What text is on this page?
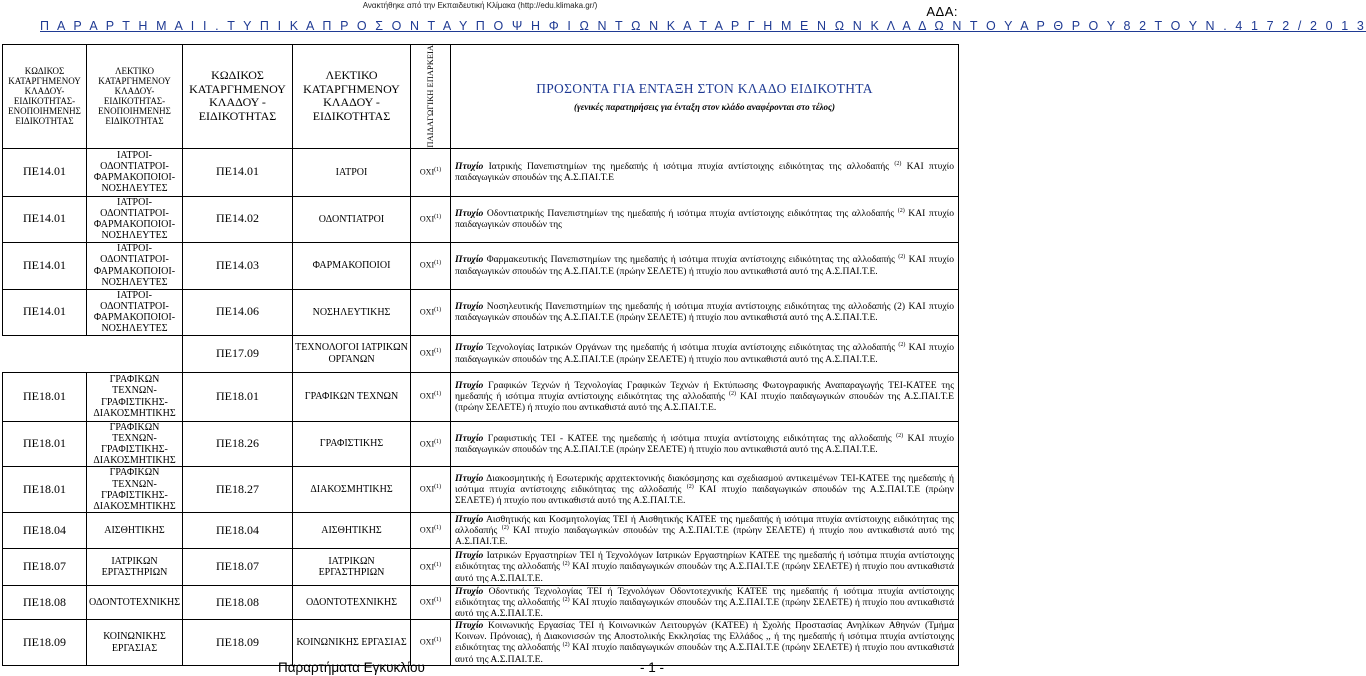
Ανακτήθηκε από την Εκπαιδευτική Κλίμακα (http://edu.klimaka.gr/)	ΑΔΑ:
Π Α Ρ Α Ρ Τ Η Μ Α I I . Τ Υ Π Ι Κ Α Π Ρ Ο Σ Ο Ν Τ Α Υ Π Ο Ψ Η Φ Ι Ω Ν Τ Ω Ν Κ Α Τ Α Ρ Γ Η Μ Ε Ν Ω Ν Κ Λ Α Δ Ω Ν Τ Ο Υ Α Ρ Θ Ρ Ο Υ 8 2 Τ Ο Υ Ν . 4 1 7 2 / 2 0 1 3
ΚΩΔΙΚΟΣ ΚΑΤΑΡΓΗΜΕΝΟΥ ΚΛΑΔΟΥ- ΕΙΔΙΚΟΤΗΤΑΣ- ΕΝΟΠΟΙΗΜΕΝΗΣ ΕΙΔΙΚΟΤΗΤΑΣ	ΛΕΚΤΙΚΟ ΚΑΤΑΡΓΗΜΕΝΟΥ ΚΛΑΔΟΥ- ΕΙΔΙΚΟΤΗΤΑΣ- ΕΝΟΠΟΙΗΜΕΝΗΣ ΕΙΔΙΚΟΤΗΤΑΣ	ΚΩΔΙΚΟΣ ΚΑΤΑΡΓΗΜΕΝΟΥ ΚΛΑΔΟΥ - ΕΙΔΙΚΟΤΗΤΑΣ	ΛΕΚΤΙΚΟ ΚΑΤΑΡΓΗΜΕΝΟΥ ΚΛΑΔΟΥ - ΕΙΔΙΚΟΤΗΤΑΣ	ΠΑΙΔΑΓΩΓΙΚΗ ΕΠΑΡΚΕΙΑ	ΠΡΟΣΟΝΤΑ ΓΙΑ ΕΝΤΑΞΗ ΣΤΟΝ ΚΛΑΔΟ ΕΙΔΙΚΟΤΗΤΑ
(γενικές παρατηρήσεις για ένταξη στον κλάδο αναφέρονται στο τέλος)

ΠΕ14.01	ΙΑΤΡΟΙ- ΟΔΟΝΤΙΑΤΡΟΙ- ΦΑΡΜΑΚΟΠΟΙΟΙ- ΝΟΣΗΛΕΥΤΕΣ	ΠΕ14.01	ΙΑΤΡΟΙ	ΟΧΙ$^{(1)}$	Πτυχίο Ιατρικής Πανεπιστημίων της ημεδαπής ή ισότιμα πτυχία αντίστοιχης ειδικότητας της αλλοδαπής $^{(2)}$ ΚΑΙ πτυχίο παιδαγωγικών σπουδών της Α.Σ.ΠΑΙ.Τ.Ε
ΠΕ14.01	ΙΑΤΡΟΙ- ΟΔΟΝΤΙΑΤΡΟΙ- ΦΑΡΜΑΚΟΠΟΙΟΙ- ΝΟΣΗΛΕΥΤΕΣ	ΠΕ14.02	ΟΔΟΝΤΙΑΤΡΟΙ	ΟΧΙ$^{(1)}$	Πτυχίο Οδοντιατρικής Πανεπιστημίων της ημεδαπής ή ισότιμα πτυχία αντίστοιχης ειδικότητας της αλλοδαπής $^{(2)}$ ΚΑΙ πτυχίο παιδαγωγικών σπουδών της
ΠΕ14.01	ΙΑΤΡΟΙ- ΟΔΟΝΤΙΑΤΡΟΙ- ΦΑΡΜΑΚΟΠΟΙΟΙ- ΝΟΣΗΛΕΥΤΕΣ	ΠΕ14.03	ΦΑΡΜΑΚΟΠΟΙΟΙ	ΟΧΙ$^{(1)}$	Πτυχίο Φαρμακευτικής Πανεπιστημίων της ημεδαπής ή ισότιμα πτυχία αντίστοιχης ειδικότητας της αλλοδαπής $^{(2)}$ ΚΑΙ πτυχίο παιδαγωγικών σπουδών της Α.Σ.ΠΑΙ.Τ.Ε (πρώην ΣΕΛΕΤΕ) ή πτυχίο που αντικαθιστά αυτό της Α.Σ.ΠΑΙ.Τ.Ε.
ΠΕ14.01	ΙΑΤΡΟΙ- ΟΔΟΝΤΙΑΤΡΟΙ- ΦΑΡΜΑΚΟΠΟΙΟΙ- ΝΟΣΗΛΕΥΤΕΣ	ΠΕ14.06	ΝΟΣΗΛΕΥΤΙΚΗΣ	ΟΧΙ$^{(1)}$	Πτυχίο Νοσηλευτικής Πανεπιστημίων της ημεδαπής ή ισότιμα πτυχία αντίστοιχης ειδικότητας της αλλοδαπής (2) ΚΑΙ πτυχίο παιδαγωγικών σπουδών της Α.Σ.ΠΑΙ.Τ.Ε (πρώην ΣΕΛΕΤΕ) ή πτυχίο που αντικαθιστά αυτό της Α.Σ.ΠΑΙ.Τ.Ε.
		ΠΕ17.09	ΤΕΧΝΟΛΟΓΟΙ ΙΑΤΡΙΚΩΝ ΟΡΓΑΝΩΝ	ΟΧΙ$^{(1)}$	Πτυχίο Τεχνολογίας Ιατρικών Οργάνων της ημεδαπής ή ισότιμα πτυχία αντίστοιχης ειδικότητας της αλλοδαπής $^{(2)}$ ΚΑΙ πτυχίο παιδαγωγικών σπουδών της Α.Σ.ΠΑΙ.Τ.Ε (πρώην ΣΕΛΕΤΕ) ή πτυχίο που αντικαθιστά αυτό της Α.Σ.ΠΑΙ.Τ.Ε.
ΠΕ18.01	ΓΡΑΦΙΚΩΝ ΤΕΧΝΩΝ- ΓΡΑΦΙΣΤΙΚΗΣ- ΔΙΑΚΟΣΜΗΤΙΚΗΣ	ΠΕ18.01	ΓΡΑΦΙΚΩΝ ΤΕΧΝΩΝ	ΟΧΙ$^{(1)}$	Πτυχίο Γραφικών Τεχνών ή Τεχνολογίας Γραφικών Τεχνών ή Εκτύπωσης Φωτογραφικής Αναπαραγωγής ΤΕΙ-ΚΑΤΕΕ της ημεδαπής ή ισότιμα πτυχία αντίστοιχης ειδικότητας της αλλοδαπής $^{(2)}$ ΚΑΙ πτυχίο παιδαγωγικών σπουδών της Α.Σ.ΠΑΙ.Τ.Ε (πρώην ΣΕΛΕΤΕ) ή πτυχίο που αντικαθιστά αυτό της Α.Σ.ΠΑΙ.Τ.Ε.
ΠΕ18.01	ΓΡΑΦΙΚΩΝ ΤΕΧΝΩΝ- ΓΡΑΦΙΣΤΙΚΗΣ- ΔΙΑΚΟΣΜΗΤΙΚΗΣ	ΠΕ18.26	ΓΡΑΦΙΣΤΙΚΗΣ	ΟΧΙ$^{(1)}$	Πτυχίο Γραφιστικής ΤΕΙ - ΚΑΤΕΕ της ημεδαπής ή ισότιμα πτυχία αντίστοιχης ειδικότητας της αλλοδαπής $^{(2)}$ ΚΑΙ πτυχίο παιδαγωγικών σπουδών της Α.Σ.ΠΑΙ.Τ.Ε (πρώην ΣΕΛΕΤΕ) ή πτυχίο που αντικαθιστά αυτό της Α.Σ.ΠΑΙ.Τ.Ε.
ΠΕ18.01	ΓΡΑΦΙΚΩΝ ΤΕΧΝΩΝ- ΓΡΑΦΙΣΤΙΚΗΣ- ΔΙΑΚΟΣΜΗΤΙΚΗΣ	ΠΕ18.27	ΔΙΑΚΟΣΜΗΤΙΚΗΣ	ΟΧΙ$^{(1)}$	Πτυχίο Διακοσμητικής ή Εσωτερικής αρχιτεκτονικής διακόσμησης και σχεδιασμού αντικειμένων ΤΕΙ-ΚΑΤΕΕ της ημεδαπής ή ισότιμα πτυχία αντίστοιχης ειδικότητας της αλλοδαπής $^{(2)}$ ΚΑΙ πτυχίο παιδαγωγικών σπουδών της Α.Σ.ΠΑΙ.Τ.Ε (πρώην ΣΕΛΕΤΕ) ή πτυχίο που αντικαθιστά αυτό της Α.Σ.ΠΑΙ.Τ.Ε.
ΠΕ18.04	ΑΙΣΘΗΤΙΚΗΣ	ΠΕ18.04	ΑΙΣΘΗΤΙΚΗΣ	ΟΧΙ$^{(1)}$	Πτυχίο Αισθητικής και Κοσμητολογίας ΤΕΙ ή Αισθητικής ΚΑΤΕΕ της ημεδαπής ή ισότιμα πτυχία αντίστοιχης ειδικότητας της αλλοδαπής $^{(2)}$ ΚΑΙ πτυχίο παιδαγωγικών σπουδών της Α.Σ.ΠΑΙ.Τ.Ε (πρώην ΣΕΛΕΤΕ) ή πτυχίο που αντικαθιστά αυτό της Α.Σ.ΠΑΙ.Τ.Ε.
ΠΕ18.07	ΙΑΤΡΙΚΩΝ ΕΡΓΑΣΤΗΡΙΩΝ	ΠΕ18.07	ΙΑΤΡΙΚΩΝ ΕΡΓΑΣΤΗΡΙΩΝ	ΟΧΙ$^{(1)}$	Πτυχίο Ιατρικών Εργαστηρίων ΤΕΙ ή Τεχνολόγων Ιατρικών Εργαστηρίων ΚΑΤΕΕ της ημεδαπής ή ισότιμα πτυχία αντίστοιχης ειδικότητας της αλλοδαπής $^{(2)}$ ΚΑΙ πτυχίο παιδαγωγικών σπουδών της Α.Σ.ΠΑΙ.Τ.Ε (πρώην ΣΕΛΕΤΕ) ή πτυχίο που αντικαθιστά αυτό της Α.Σ.ΠΑΙ.Τ.Ε.
ΠΕ18.08	ΟΔΟΝΤΟΤΕΧΝΙΚΗΣ	ΠΕ18.08	ΟΔΟΝΤΟΤΕΧΝΙΚΗΣ	ΟΧΙ$^{(1)}$	Πτυχίο Οδοντικής Τεχνολογίας ΤΕΙ ή Τεχνολόγων Οδοντοτεχνικής ΚΑΤΕΕ της ημεδαπής ή ισότιμα πτυχία αντίστοιχης ειδικότητας της αλλοδαπής $^{(2)}$ ΚΑΙ πτυχίο παιδαγωγικών σπουδών της Α.Σ.ΠΑΙ.Τ.Ε (πρώην ΣΕΛΕΤΕ) ή πτυχίο που αντικαθιστά αυτό της Α.Σ.ΠΑΙ.Τ.Ε.
ΠΕ18.09	ΚΟΙΝΩΝΙΚΗΣ ΕΡΓΑΣΙΑΣ	ΠΕ18.09	ΚΟΙΝΩΝΙΚΗΣ ΕΡΓΑΣΙΑΣ	ΟΧΙ$^{(1)}$	Πτυχίο Κοινωνικής Εργασίας ΤΕΙ ή Κοινωνικών Λειτουργών (ΚΑΤΕΕ) ή Σχολής Προστασίας Ανηλίκων Αθηνών (Τμήμα Κοινων. Πρόνοιας), ή Διακονισσών της Αποστολικής Εκκλησίας της Ελλάδος ,, ή της ημεδαπής ή ισότιμα πτυχία αντίστοιχης ειδικότητας της αλλοδαπής $^{(2)}$ ΚΑΙ πτυχίο παιδαγωγικών σπουδών της Α.Σ.ΠΑΙ.Τ.Ε (πρώην ΣΕΛΕΤΕ) ή πτυχίο που αντικαθιστά αυτό της Α.Σ.ΠΑΙ.Τ.Ε.
Παραρτήματα Εγκυκλίου	- 1 -
